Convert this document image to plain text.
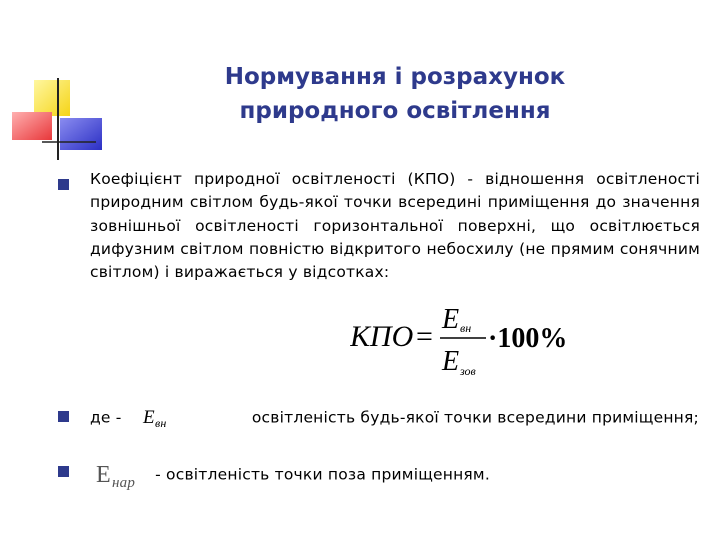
Нормування і розрахунок
природного освітлення
Коефіцієнт природної освітленості (КПО) - відношення освітленості природним світлом будь-якої точки всередині приміщення до значення зовнішньої освітленості горизонтальної поверхні, що освітлюється дифузним світлом повністю відкритого небосхилу (не прямим сонячним світлом) і виражається у відсотках:
КПО =
E вн
E зов
·100%
де - E вн	освітленість будь-якої точки всередини приміщення;
E нар - освітленість точки поза приміщенням.
